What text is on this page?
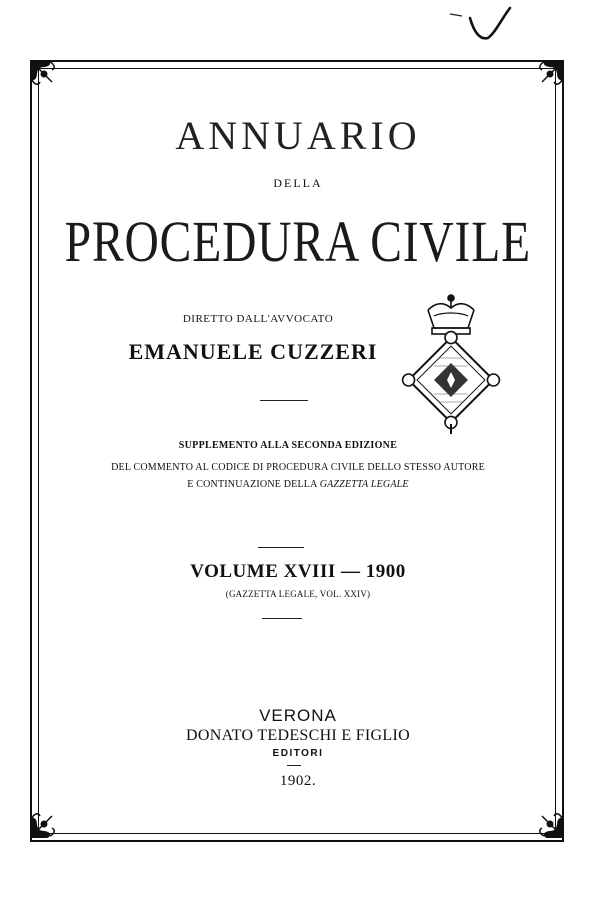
ANNUARIO
DELLA
PROCEDURA CIVILE
DIRETTO DALL'AVVOCATO
EMANUELE CUZZERI
SUPPLEMENTO ALLA SECONDA EDIZIONE
DEL COMMENTO AL CODICE DI PROCEDURA CIVILE DELLO STESSO AUTORE
E CONTINUAZIONE DELLA GAZZETTA LEGALE
VOLUME XVIII — 1900
(GAZZETTA LEGALE, VOL. XXIV)
VERONA
DONATO TEDESCHI E FIGLIO
EDITORI
1902.
